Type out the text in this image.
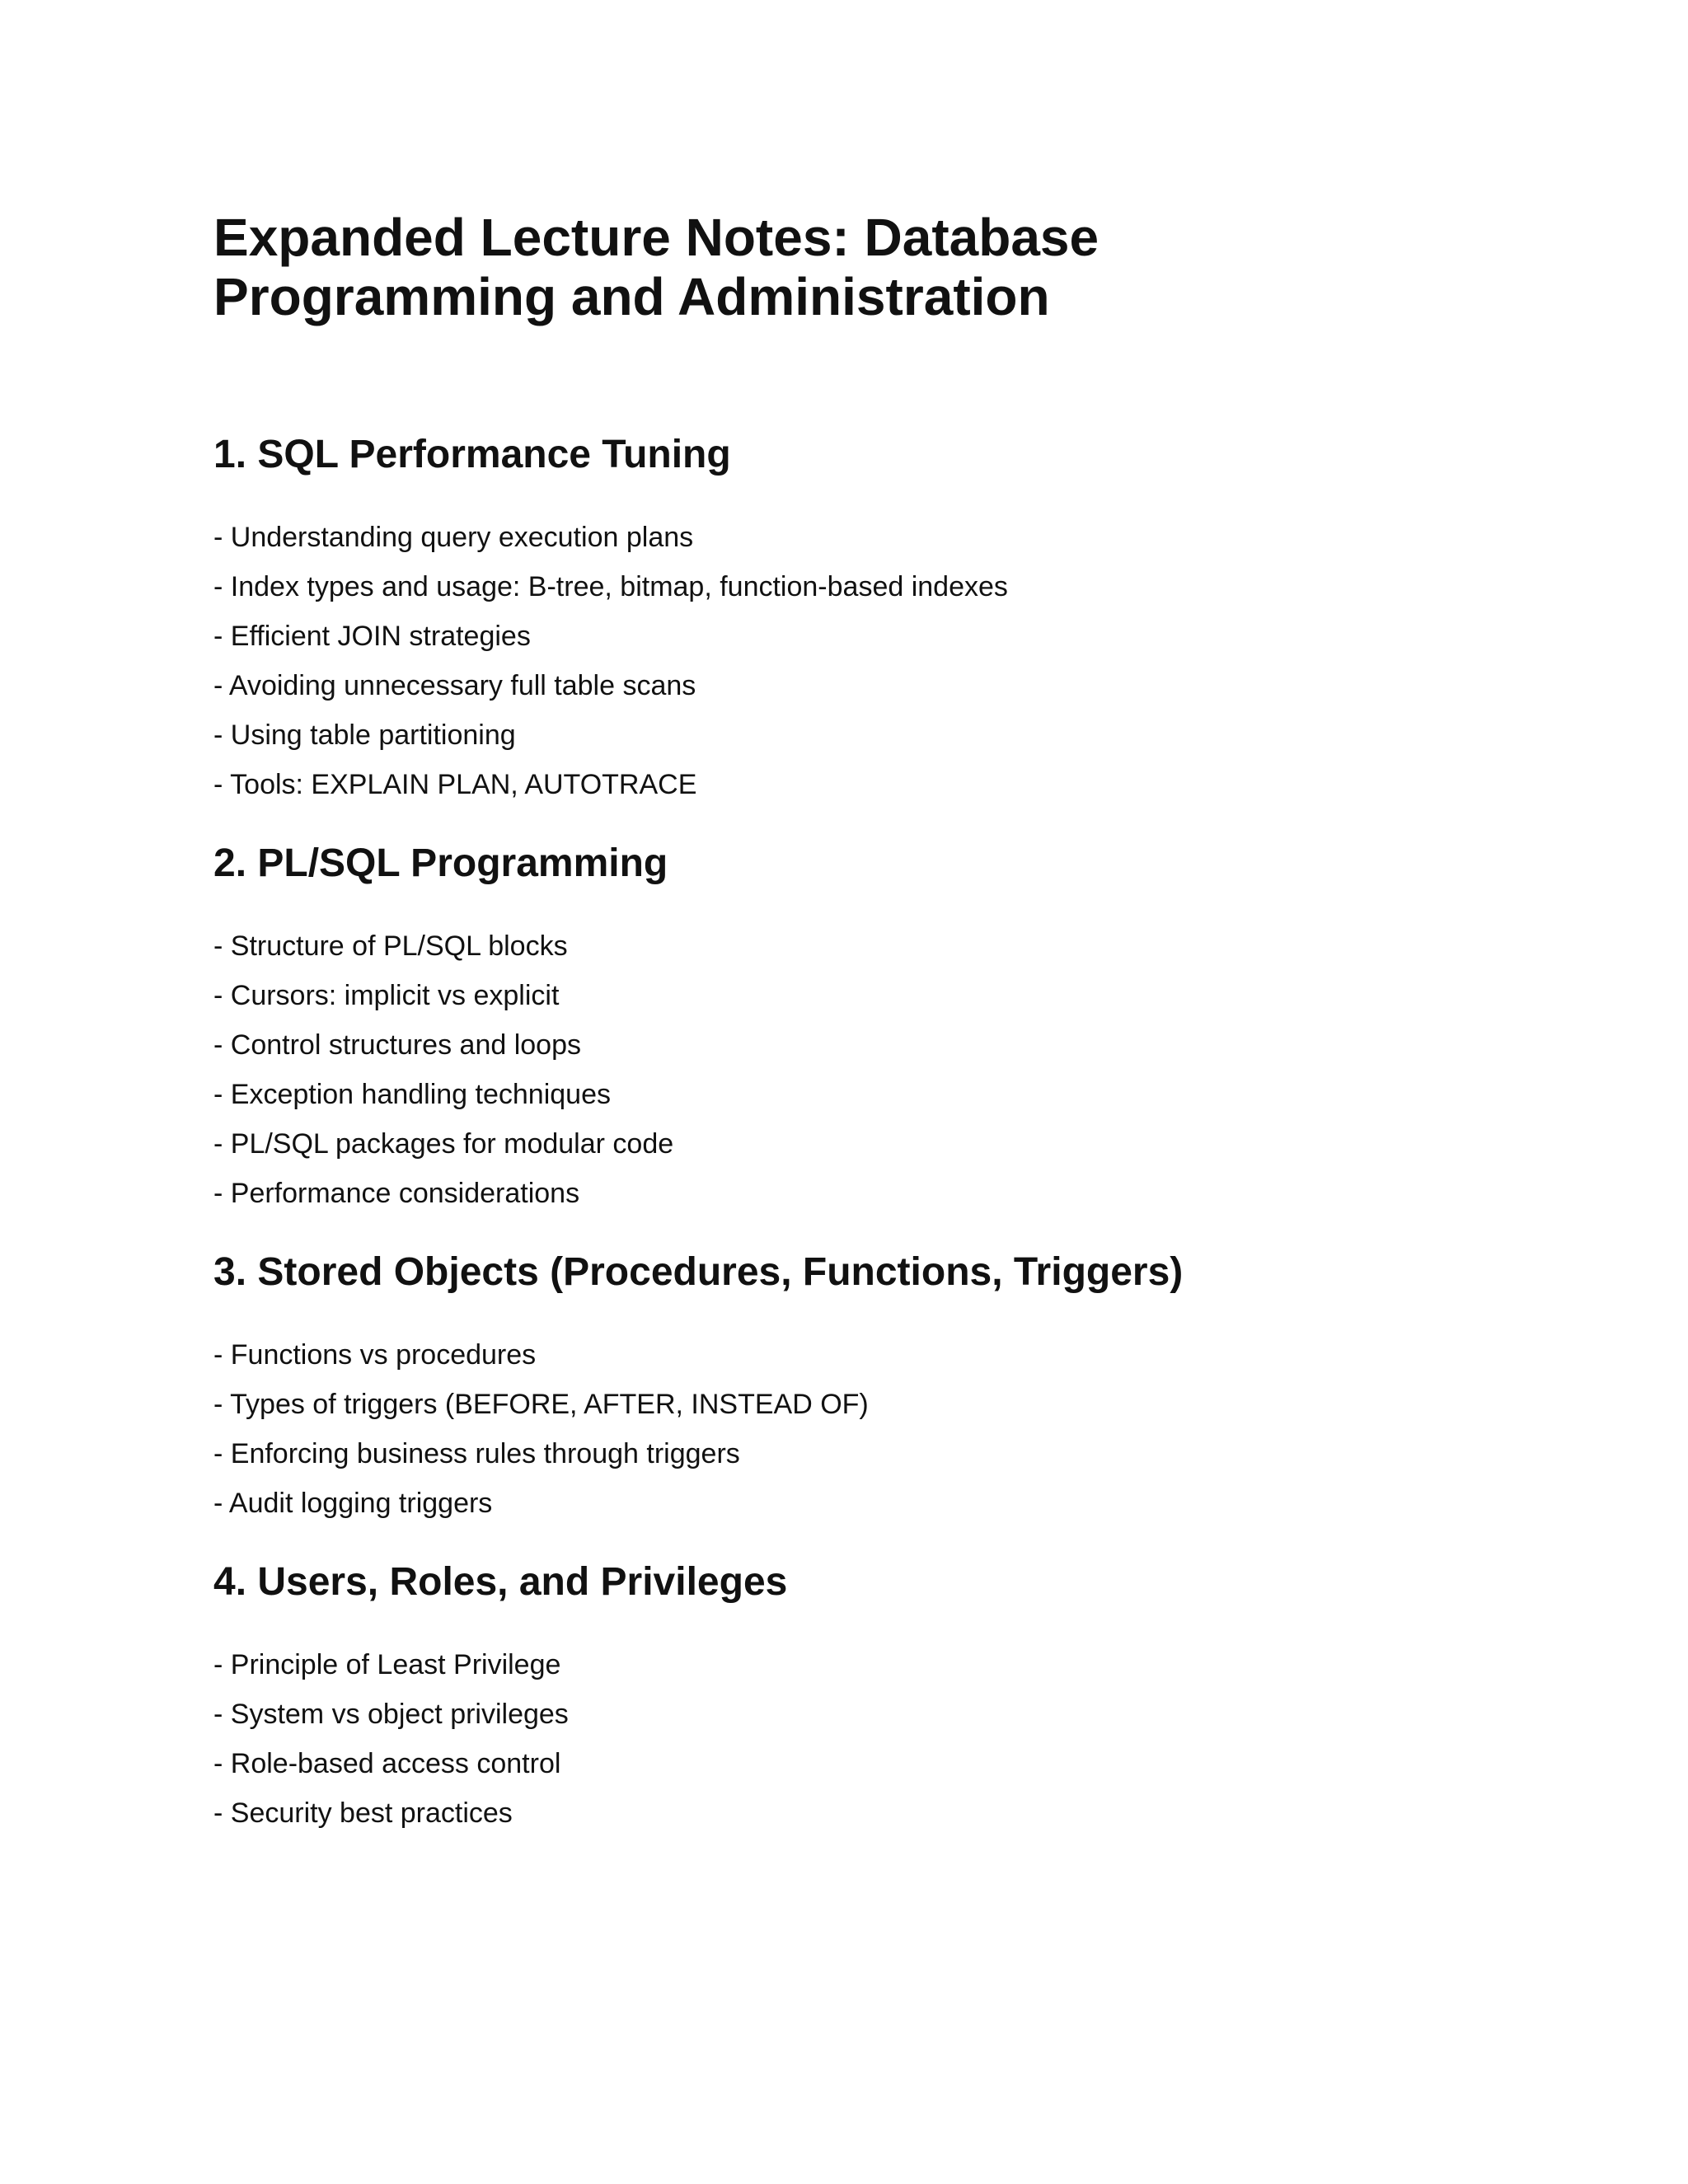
Expanded Lecture Notes: Database Programming and Administration
1. SQL Performance Tuning
- Understanding query execution plans
- Index types and usage: B-tree, bitmap, function-based indexes
- Efficient JOIN strategies
- Avoiding unnecessary full table scans
- Using table partitioning
- Tools: EXPLAIN PLAN, AUTOTRACE
2. PL/SQL Programming
- Structure of PL/SQL blocks
- Cursors: implicit vs explicit
- Control structures and loops
- Exception handling techniques
- PL/SQL packages for modular code
- Performance considerations
3. Stored Objects (Procedures, Functions, Triggers)
- Functions vs procedures
- Types of triggers (BEFORE, AFTER, INSTEAD OF)
- Enforcing business rules through triggers
- Audit logging triggers
4. Users, Roles, and Privileges
- Principle of Least Privilege
- System vs object privileges
- Role-based access control
- Security best practices
